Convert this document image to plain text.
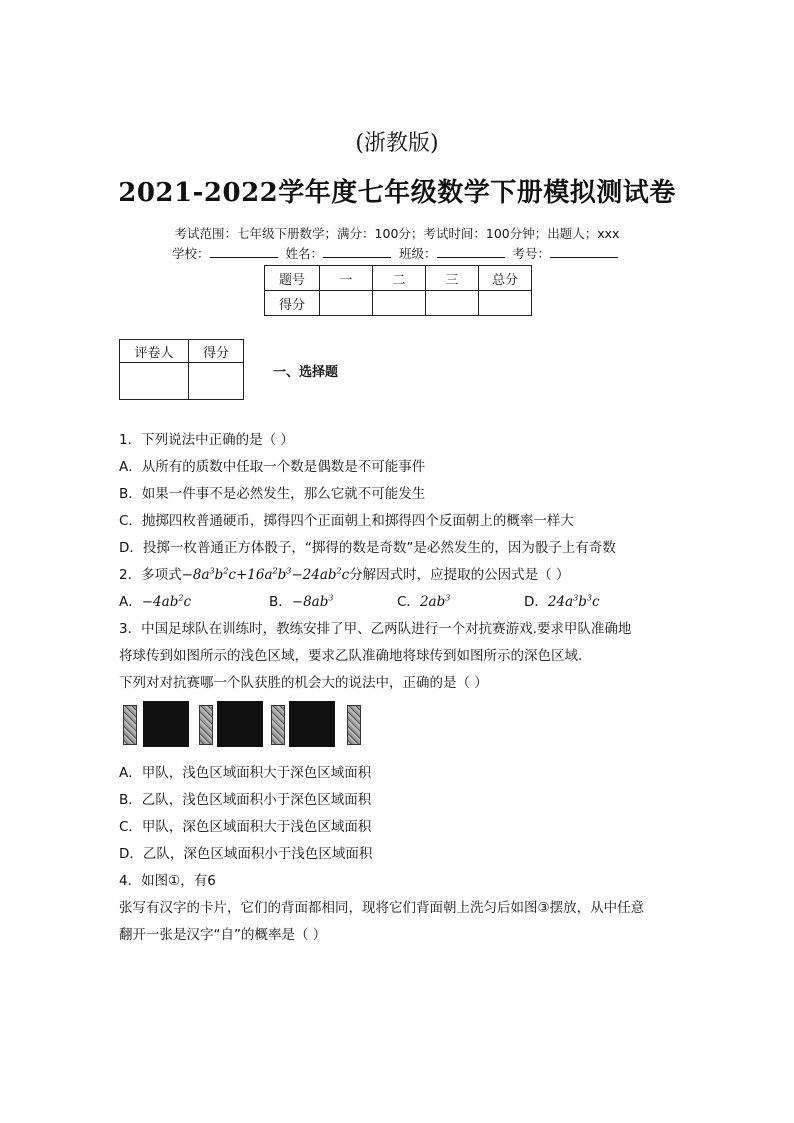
(浙教版)
2021-2022学年度七年级数学下册模拟测试卷
考试范围：七年级下册数学；满分：100分；考试时间：100分钟；出题人；xxx
学校：	姓名：	班级：	考号：
题号	一	二	三	总分
得分				
评卷人	得分

一、选择题
1．下列说法中正确的是（ ）
A．从所有的质数中任取一个数是偶数是不可能事件
B．如果一件事不是必然发生，那么它就不可能发生
C．抛掷四枚普通硬币，掷得四个正面朝上和掷得四个反面朝上的概率一样大
D．投掷一枚普通正方体骰子，“掷得的数是奇数”是必然发生的，因为骰子上有奇数
2．多项式$-8a^3b^2c+16a^2b^3-24ab^2c$分解因式时，应提取的公因式是（ ）
A．$-4ab^2c$	B．$-8ab^3$	C．$2ab^3$	D．$24a^3b^3c$
3．中国足球队在训练时，教练安排了甲、乙两队进行一个对抗赛游戏.要求甲队准确地
将球传到如图所示的浅色区域，要求乙队准确地将球传到如图所示的深色区域.
下列对对抗赛哪一个队获胜的机会大的说法中，正确的是（ ）
A．甲队，浅色区域面积大于深色区域面积
B．乙队，浅色区域面积小于深色区域面积
C．甲队，深色区域面积大于浅色区域面积
D．乙队，深色区域面积小于浅色区域面积
4．如图①，有6
张写有汉字的卡片，它们的背面都相同，现将它们背面朝上洗匀后如图③摆放，从中任意
翻开一张是汉字“自”的概率是（ ）
